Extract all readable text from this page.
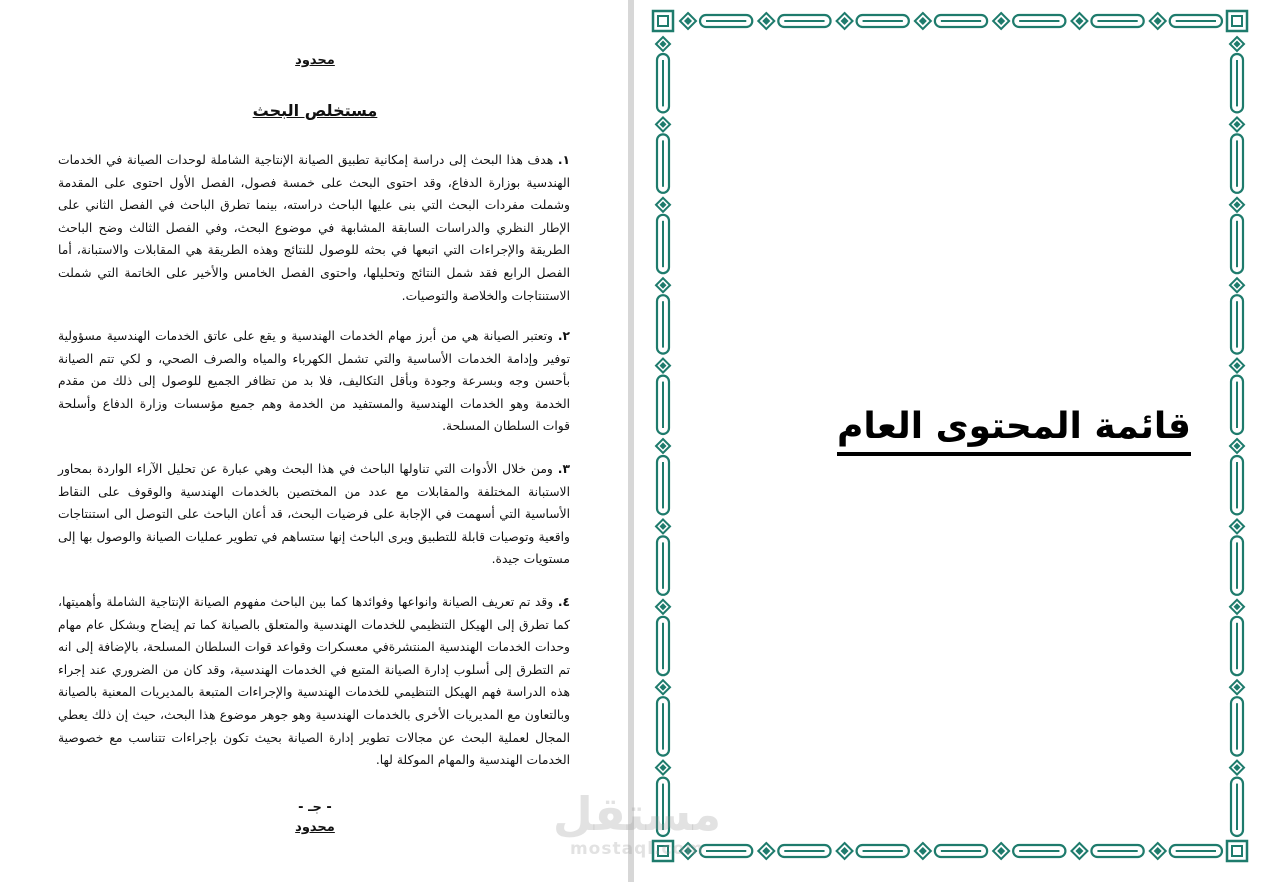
محدود
مستخلص البحث
١. هدف هذا البحث إلى دراسة إمكانية تطبيق الصيانة الإنتاجية الشاملة لوحدات الصيانة في الخدمات الهندسية بوزارة الدفاع، وقد احتوى البحث على خمسة فصول، الفصل الأول احتوى على المقدمة وشملت مفردات البحث التي بنى عليها الباحث دراسته، بينما تطرق الباحث في الفصل الثاني على الإطار النظري والدراسات السابقة المشابهة في موضوع البحث، وفي الفصل الثالث وضح الباحث الطريقة والإجراءات التي اتبعها في بحثه للوصول للنتائج وهذه الطريقة هي المقابلات والاستبانة، أما الفصل الرابع فقد شمل النتائج وتحليلها، واحتوى الفصل الخامس والأخير على الخاتمة التي شملت الاستنتاجات والخلاصة والتوصيات.
٢. وتعتبر الصيانة هي من أبرز مهام الخدمات الهندسية و يقع على عاتق الخدمات الهندسية مسؤولية توفير وإدامة الخدمات الأساسية والتي تشمل الكهرباء والمياه والصرف الصحي، و لكي تتم الصيانة بأحسن وجه وبسرعة وجودة وبأقل التكاليف، فلا بد من تظافر الجميع للوصول إلى ذلك من مقدم الخدمة وهو الخدمات الهندسية والمستفيد من الخدمة وهم جميع مؤسسات وزارة الدفاع وأسلحة قوات السلطان المسلحة.
٣. ومن خلال الأدوات التي تناولها الباحث في هذا البحث وهي عبارة عن تحليل الآراء الواردة بمحاور الاستبانة المختلفة والمقابلات مع عدد من المختصين بالخدمات الهندسية والوقوف على النقاط الأساسية التي أسهمت في الإجابة على فرضيات البحث، قد أعان الباحث على التوصل الى استنتاجات واقعية وتوصيات قابلة للتطبيق ويرى الباحث إنها ستساهم في تطوير عمليات الصيانة والوصول بها إلى مستويات جيدة.
٤. وقد تم تعريف الصيانة وانواعها وفوائدها كما بين الباحث مفهوم الصيانة الإنتاجية الشاملة وأهميتها، كما تطرق إلى الهيكل التنظيمي للخدمات الهندسية والمتعلق بالصيانة كما تم إيضاح وبشكل عام مهام وحدات الخدمات الهندسية المنتشرةفي معسكرات وقواعد قوات السلطان المسلحة، بالإضافة إلى انه تم التطرق إلى أسلوب إدارة الصيانة المتبع في الخدمات الهندسية، وقد كان من الضروري عند إجراء هذه الدراسة فهم الهيكل التنظيمي للخدمات الهندسية والإجراءات المتبعة بالمديريات المعنية بالصيانة وبالتعاون مع المديريات الأخرى بالخدمات الهندسية وهو جوهر موضوع هذا البحث، حيث إن ذلك يعطي المجال لعملية البحث عن مجالات تطوير إدارة الصيانة بحيث تكون بإجراءات تتناسب مع خصوصية الخدمات الهندسية والمهام الموكلة لها.
- جـ -
محدود
قائمة المحتوى العام
مستقل
mostaql.com
